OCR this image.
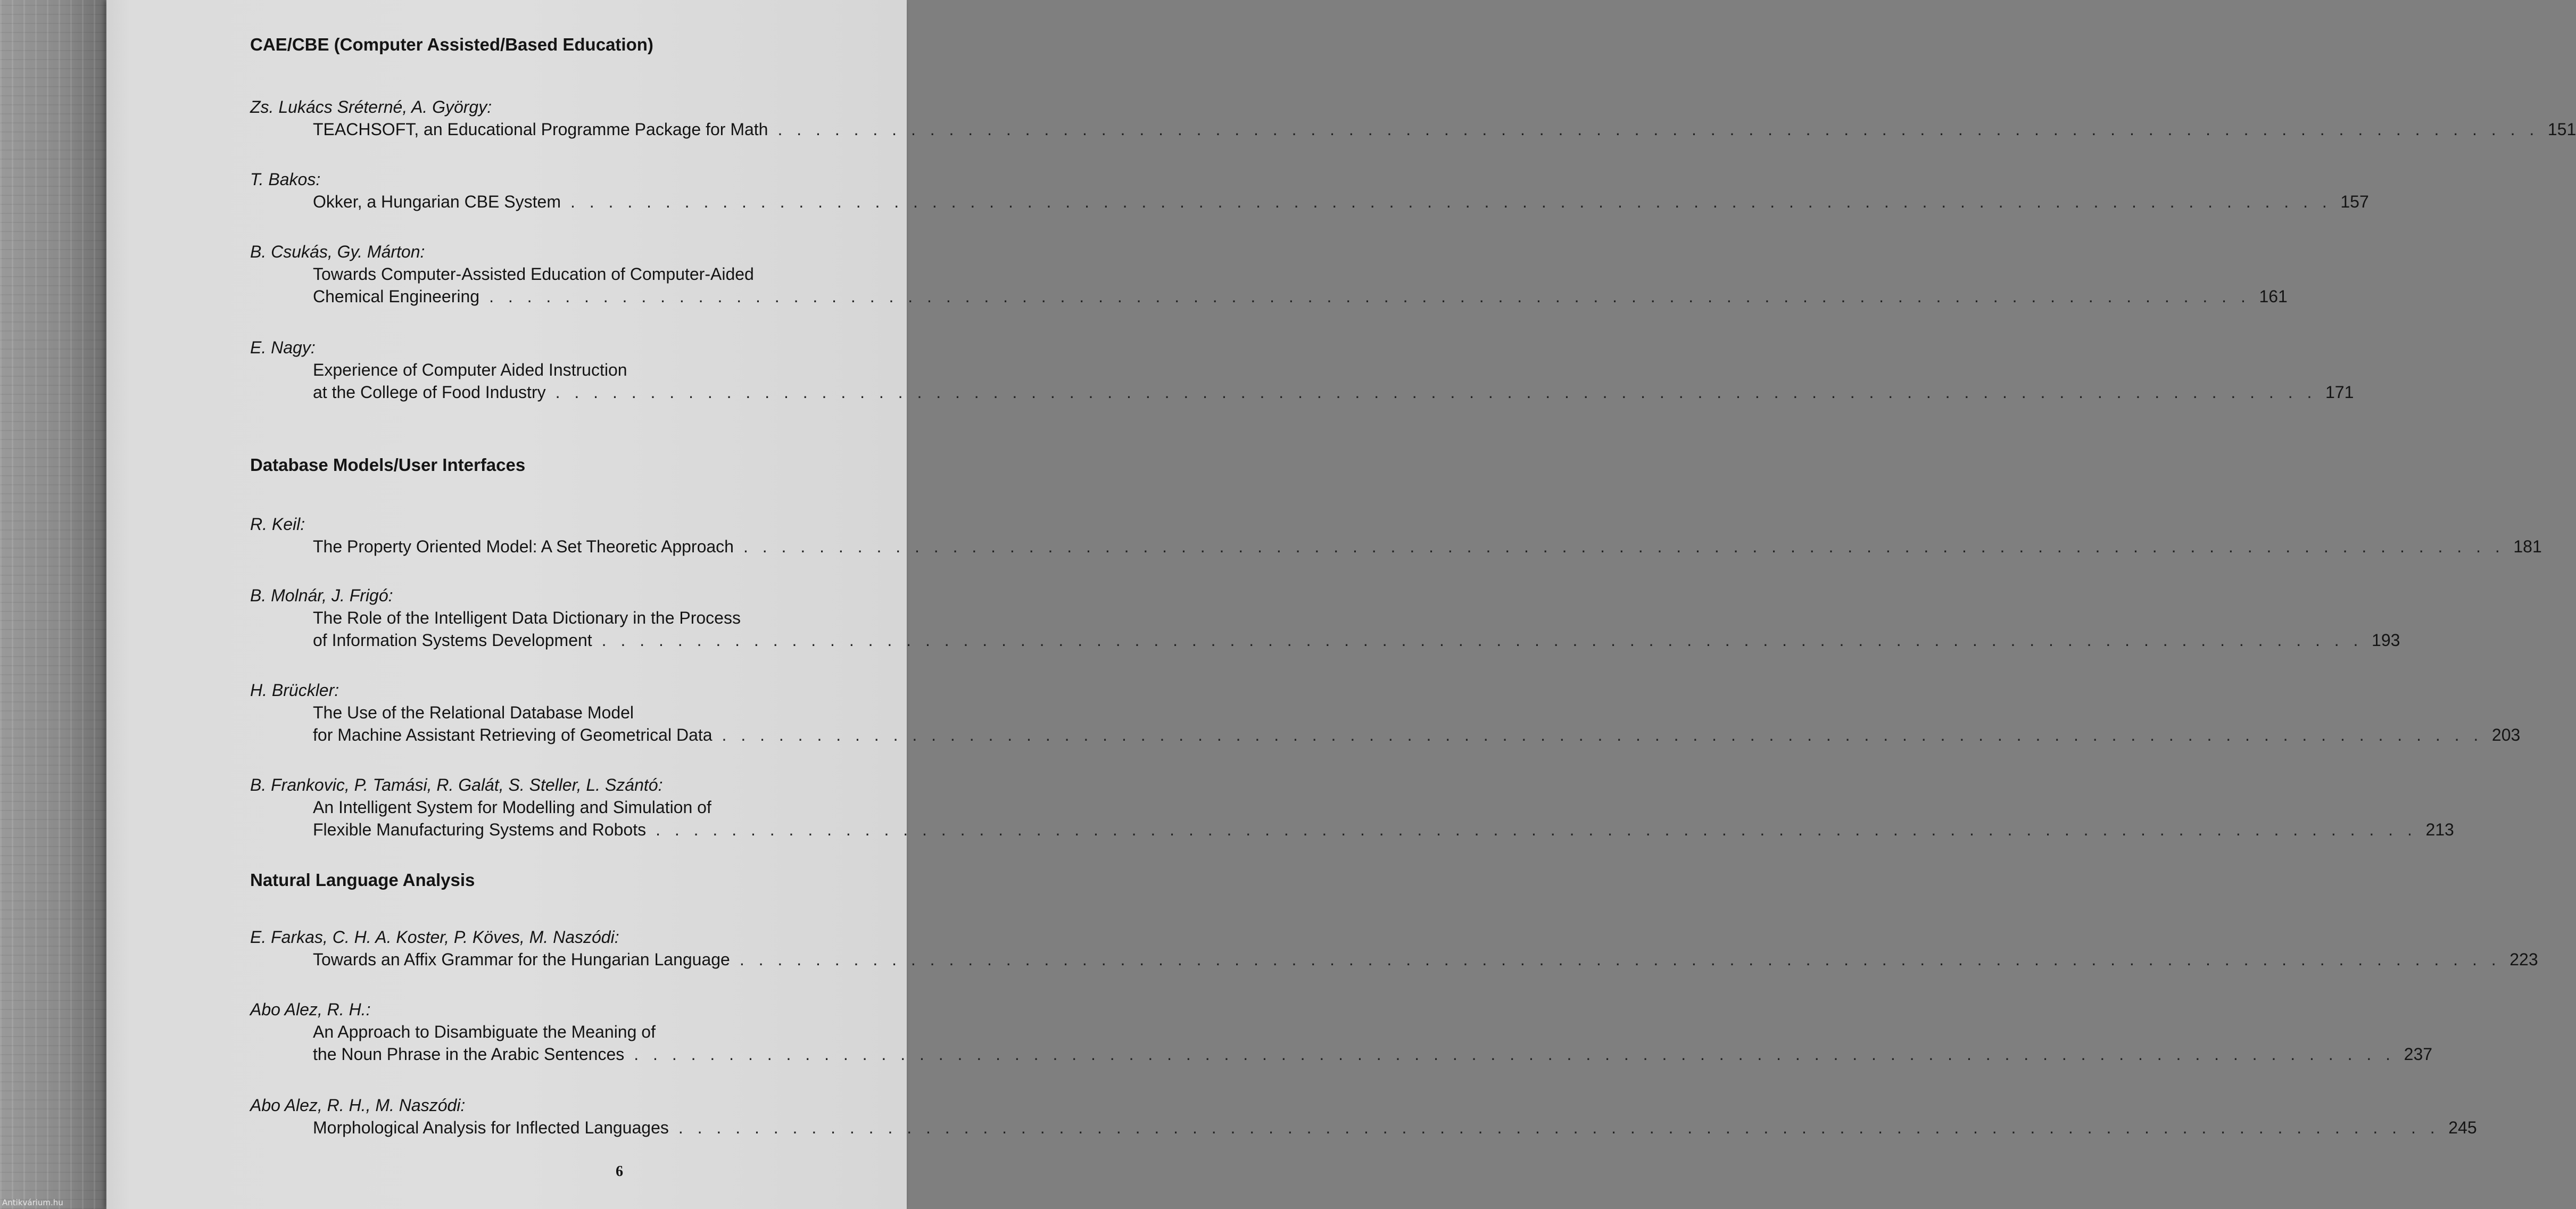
Antikvárium.hu
CAE/CBE (Computer Assisted/Based Education)
Zs. Lukács Sréterné, A. György:
TEACHSOFT, an Educational Programme Package for Math . . .	151
T. Bakos:
Okker, a Hungarian CBE System . . .	157
B. Csukás, Gy. Márton:
Towards Computer-Assisted Education of Computer-Aided
Chemical Engineering . . .	161
E. Nagy:
Experience of Computer Aided Instruction
at the College of Food Industry . . .	171
Database Models/User Interfaces
R. Keil:
The Property Oriented Model: A Set Theoretic Approach . . .	181
B. Molnár, J. Frigó:
The Role of the Intelligent Data Dictionary in the Process
of Information Systems Development . . .	193
H. Brückler:
The Use of the Relational Database Model
for Machine Assistant Retrieving of Geometrical Data . . .	203
B. Frankovic, P. Tamási, R. Galát, S. Steller, L. Szántó:
An Intelligent System for Modelling and Simulation of
Flexible Manufacturing Systems and Robots . . .	213
Natural Language Analysis
E. Farkas, C. H. A. Koster, P. Köves, M. Naszódi:
Towards an Affix Grammar for the Hungarian Language . . .	223
Abo Alez, R. H.:
An Approach to Disambiguate the Meaning of
the Noun Phrase in the Arabic Sentences . . .	237
Abo Alez, R. H., M. Naszódi:
Morphological Analysis for Inflected Languages . . .	245
6
